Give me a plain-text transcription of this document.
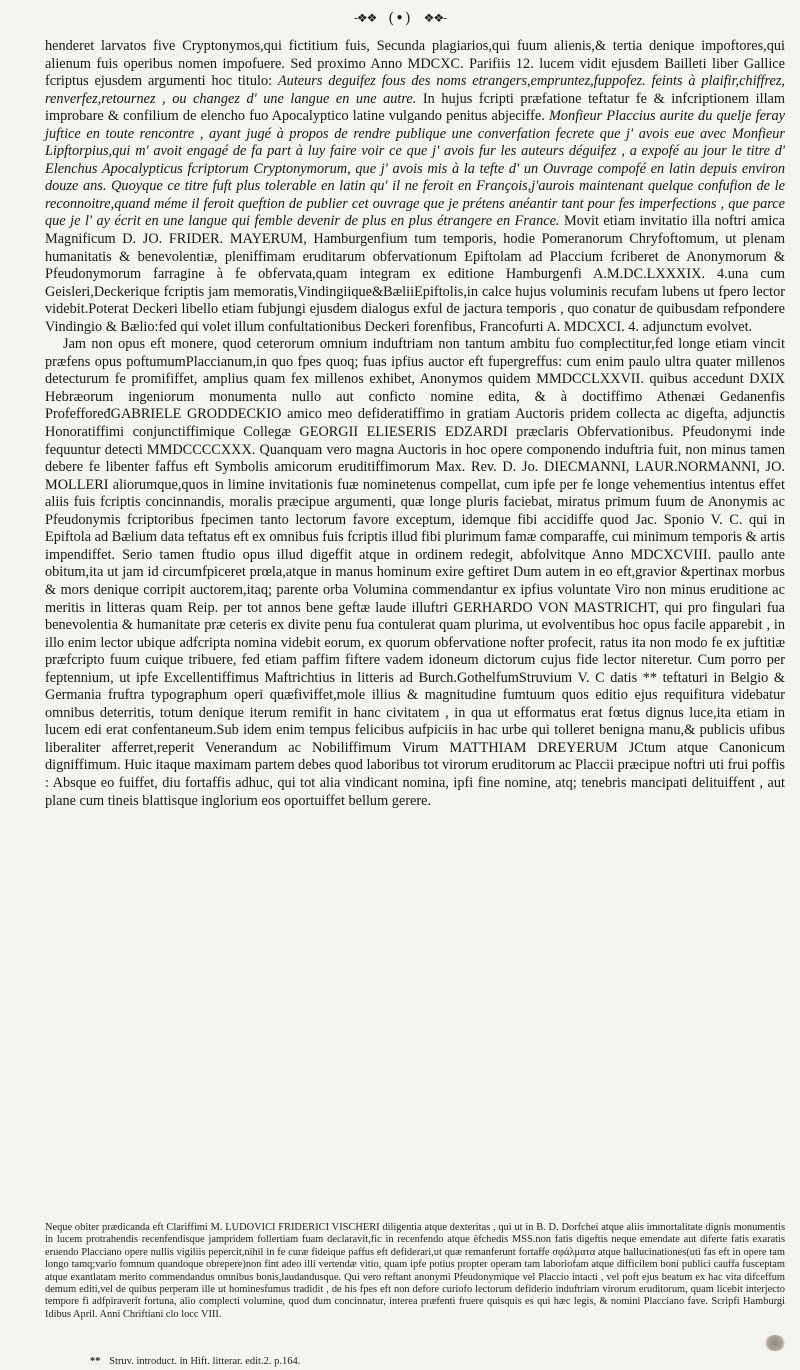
-❖❖ (•) ❖❖-

henderet larvatos five Cryptonymos,qui fictitium fuis, Secunda plagiarios,qui fuum alienis,& tertia denique impoftores,qui alienum fuis operibus nomen impofuere. Sed proximo Anno MDCXC. Parifiis 12. lucem vidit ejusdem Bailleti liber Gallice fcriptus ejusdem argumenti hoc titulo: Auteurs deguifez fous des noms etrangers,empruntez,fuppofez. feints à plaifir,chiffrez, renverfez,retournez , ou changez d' une langue en une autre. In hujus fcripti præfatione teftatur fe & infcriptionem illam improbare & confilium de elencho fuo Apocalyptico latine vulgando penitus abjeciffe. Monfieur Placcius aurite du quelje feray juftice en toute rencontre , ayant jugé à propos de rendre publique une converfation fecrete que j' avois eue avec Monfieur Lipftorpius,qui m' avoit engagé de fa part à luy faire voir ce que j' avois fur les auteurs déguifez , a expofé au jour le titre d' Elenchus Apocalypticus fcriptorum Cryptonymorum, que j' avois mis à la tefte d' un Ouvrage compofé en latin depuis environ douze ans. Quoyque ce titre fuft plus tolerable en latin qu' il ne feroit en François,j'aurois maintenant quelque confufion de le reconnoitre,quand méme il feroit queftion de publier cet ouvrage que je prétens anéantir tant pour fes imperfections , que parce que je l' ay écrit en une langue qui femble devenir de plus en plus étrangere en France. Movit etiam invitatio illa noftri amica Magnificum D. JO. FRIDER. MAYERUM, Hamburgenfium tum temporis, hodie Pomeranorum Chryfoftomum, ut plenam humanitatis & benevolentiæ, pleniffimam eruditarum obfervationum Epiftolam ad Placcium fcriberet de Anonymorum & Pfeudonymorum farragine à fe obfervata,quam integram ex editione Hamburgenfi A.M.DC.LXXXIX. 4.una cum Geisleri,Deckerique fcriptis jam memoratis,Vindingiique&BæliiEpiftolis,in calce hujus voluminis recufam lubens ut fpero lector videbit.Poterat Deckeri libello etiam fubjungi ejusdem dialogus exful de jactura temporis , quo conatur de quibusdam refpondere Vindingio & Bælio:fed qui volet illum confultationibus Deckeri forenfibus, Francofurti A. MDCXCI. 4. adjunctum evolvet.

Jam non opus eft monere, quod ceterorum omnium induftriam non tantum ambitu fuo complectitur,fed longe etiam vincit præfens opus poftumumPlaccianum,in quo fpes quoq; fuas ipfius auctor eft fupergreffus: cum enim paulo ultra quater millenos detecturum fe promififfet, amplius quam fex millenos exhibet, Anonymos quidem MMDCCLXXVII. quibus accedunt DXIX Hebræorum ingeniorum monumenta nullo aut confictо nomine edita, & à doctiffimo Athenæi Gedanenfis ProfeffoređGABRIELE GRODDECKIO amico meo defideratiffimo in gratiam Auctoris pridem collecta ac digefta, adjunctis Honoratiffimi conjunctiffimique Collegæ GEORGII ELIESERIS EDZARDI præclaris Obfervationibus. Pfeudonymi inde fequuntur detecti MMDCCCCXXX. Quanquam vero magna Auctoris in hoc opere componendo induftria fuit, non minus tamen debere fe libenter faffus eft Symbolis amicorum eruditiffimorum Max. Rev. D. Jo. DIECMANNI, LAUR.NORMANNI, JO. MOLLERI aliorumque,quos in limine invitationis fuæ nominetenus compellat, cum ipfe per fe longe vehementius intentus effet aliis fuis fcriptis concinnandis, moralis præcipue argumenti, quæ longe pluris faciebat, miratus primum fuum de Anonymis ac Pfeudonymis fcriptoribus fpecimen tanto lectorum favore exceptum, idemque fibi accidiffe quod Jac. Sponio V. C. qui in Epiftola ad Bælium data teftatus eft ex omnibus fuis fcriptis illud fibi plurimum famæ comparaffe, cui minimum temporis & artis impendiffet. Serio tamen ftudio opus illud digeffit atque in ordinem redegit, abfolvitque Anno MDCXCVIII. paullo ante obitum,ita ut jam id circumfpiceret prœla,atque in manus hominum exire geftiret Dum autem in eo eft,gravior &pertinax morbus & mors denique corripit auctorem,itaq; parente orba Volumina commendantur ex ipfius voluntate Viro non minus eruditione ac meritis in litteras quam Reip. per tot annos bene geftæ laude illuftri GERHARDO VON MASTRICHT, qui pro fingulari fua benevolentia & humanitate præ ceteris ex divite penu fua contulerat quam plurima, ut evolventibus hoc opus facile apparebit , in illo enim lector ubique adfcripta nomina videbit eorum, ex quorum obfervatione nofter profecit, ratus ita non modo fe ex juftitiæ præfcripto fuum cuique tribuere, fed etiam paffim fiftere vadem idoneum dictorum cujus fide lector niteretur. Cum porro per feptennium, ut ipfe Excellentiffimus Maftrichtius in litteris ad Burch.GothelfumStruvium V. C datis ** teftaturi in Belgio & Germania fruftra typographum operi quæfiviffet,mole illius & magnitudine fumtuum quos editio ejus requifitura videbatur omnibus deterritis, totum denique iterum remifit in hanc civitatem , in qua ut efformatus erat fœtus dignus luce,ita etiam in lucem edi erat confentaneum.Sub idem enim tempus felicibus aufpiciis in hac urbe qui tolleret benigna manu,& publicis ufibus liberaliter afferret,reperit Venerandum ac Nobiliffimum Virum MATTHIAM DREYERUM JCtum atque Canonicum digniffimum. Huic itaque maximam partem debes quod laboribus tot virorum eruditorum ac Placcii præcipue noftri uti frui poffis : Absque eo fuiffet, diu fortaffis adhuc, qui tot alia vindicant nomina, ipfi fine nomine, atq; tenebris mancipati delituiffent , aut plane cum tineis blattisque inglorium eos oportuiffet bellum gerere.

Neque obiter prædicanda eft Clariffimi M. LUDOVICI FRIDERICI VISCHERI diligentia atque dexteritas , qui ut in B. D. Dorfchei atque aliis immortalitate dignis monumentis in lucem protrahendis recenfendisque jampridem follertiam fuam declaravit,fic in recenfendo atque ëfchedis MSS.non fatis digeftis neque emendate aut diferte fatis exaratis eruendo Placciano opere nullis vigiliis pepercit,nihil in fe curæ fideique paffus eft defiderari,ut quæ remanferunt fortaffe σφάλματα atque hallucinationes(uti fas eft in opere tam longo tamq;vario fomnum quandoque obrepere)non fint adeo illi vertendæ vitio, quam ipfe potius propter operam tam laboriofam atque difficilem boni publici cauffa fusceptam atque exantlatam merito commendandus omnibus bonis,laudandusque. Qui vero reftant anonymi Pfeudonymique vel Placcio intacti , vel poft ejus beatum ex hac vita difceffum demum editi,vel de quibus perperam ille ut hominesfumus tradidit , de his fpes eft non defore curiofo lectorum defiderio induftriam virorum eruditorum, quam licebit interjecto tempore fi adfpiraverit fortuna, alio complecti volumine, quod dum concinnatur, interea præfenti fruere quisquis es qui hæc legis, & nomini Placciano fave. Scripfi Hamburgi Idibus April. Anni Chriftiani clo locc VIII.

** Struv. introduct. in Hift. litterar. edit.2. p.164.
